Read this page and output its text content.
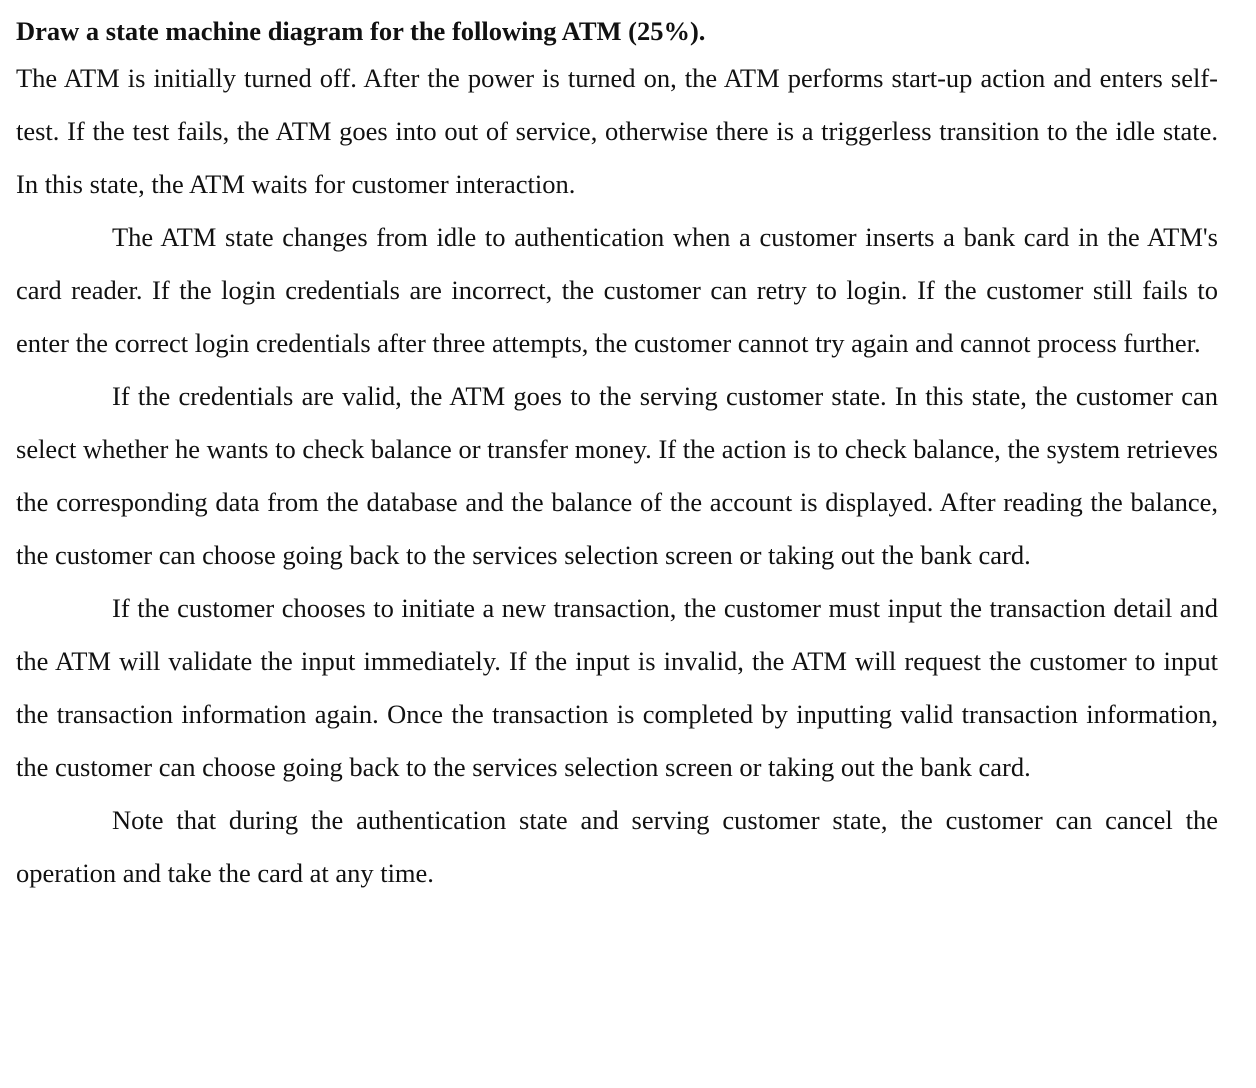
Draw a state machine diagram for the following ATM (25%).

The ATM is initially turned off. After the power is turned on, the ATM performs start-up action and enters self-test. If the test fails, the ATM goes into out of service, otherwise there is a triggerless transition to the idle state. In this state, the ATM waits for customer interaction.

The ATM state changes from idle to authentication when a customer inserts a bank card in the ATM's card reader. If the login credentials are incorrect, the customer can retry to login. If the customer still fails to enter the correct login credentials after three attempts, the customer cannot try again and cannot process further.

If the credentials are valid, the ATM goes to the serving customer state. In this state, the customer can select whether he wants to check balance or transfer money. If the action is to check balance, the system retrieves the corresponding data from the database and the balance of the account is displayed. After reading the balance, the customer can choose going back to the services selection screen or taking out the bank card.

If the customer chooses to initiate a new transaction, the customer must input the transaction detail and the ATM will validate the input immediately. If the input is invalid, the ATM will request the customer to input the transaction information again. Once the transaction is completed by inputting valid transaction information, the customer can choose going back to the services selection screen or taking out the bank card.

Note that during the authentication state and serving customer state, the customer can cancel the operation and take the card at any time.
